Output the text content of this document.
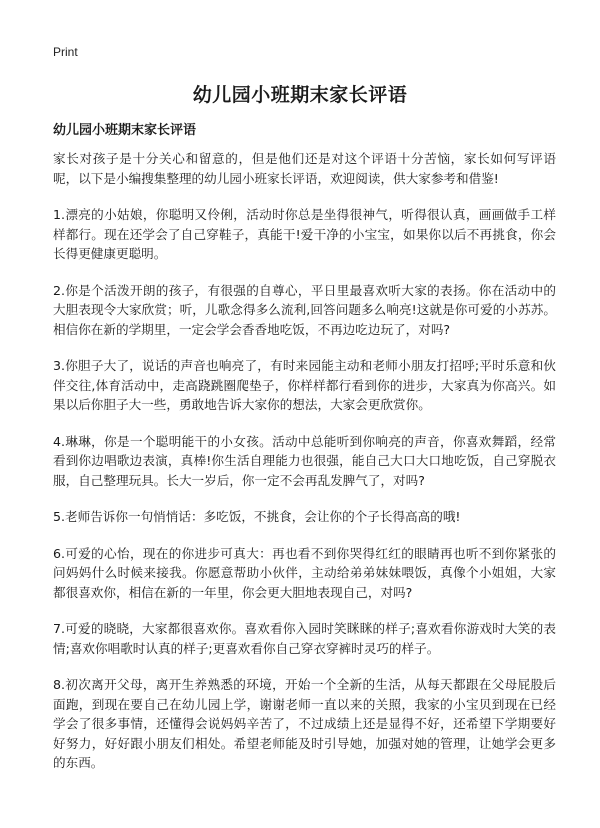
Print
幼儿园小班期末家长评语
幼儿园小班期末家长评语

家长对孩子是十分关心和留意的，但是他们还是对这个评语十分苦恼，家长如何写评语呢，以下是小编搜集整理的幼儿园小班家长评语，欢迎阅读，供大家参考和借鉴!

1.漂亮的小姑娘，你聪明又伶俐，活动时你总是坐得很神气，听得很认真，画画做手工样样都行。现在还学会了自己穿鞋子，真能干!爱干净的小宝宝，如果你以后不再挑食，你会长得更健康更聪明。

2.你是个活泼开朗的孩子，有很强的自尊心，平日里最喜欢听大家的表扬。你在活动中的大胆表现令大家欣赏；听，儿歌念得多么流利,回答问题多么响亮!这就是你可爱的小苏苏。相信你在新的学期里，一定会学会香香地吃饭，不再边吃边玩了，对吗?

3.你胆子大了，说话的声音也响亮了，有时来园能主动和老师小朋友打招呼;平时乐意和伙伴交往,体育活动中，走高跷跳圈爬垫子，你样样都行看到你的进步，大家真为你高兴。如果以后你胆子大一些，勇敢地告诉大家你的想法，大家会更欣赏你。

4.琳琳，你是一个聪明能干的小女孩。活动中总能听到你响亮的声音，你喜欢舞蹈，经常看到你边唱歌边表演，真棒!你生活自理能力也很强，能自己大口大口地吃饭，自己穿脱衣服，自己整理玩具。长大一岁后，你一定不会再乱发脾气了，对吗?

5.老师告诉你一句悄悄话：多吃饭，不挑食，会让你的个子长得高高的哦!

6.可爱的心怡，现在的你进步可真大：再也看不到你哭得红红的眼睛再也听不到你紧张的问妈妈什么时候来接我。你愿意帮助小伙伴，主动给弟弟妹妹喂饭，真像个小姐姐，大家都很喜欢你，相信在新的一年里，你会更大胆地表现自己，对吗?

7.可爱的晓晓，大家都很喜欢你。喜欢看你入园时笑眯眯的样子;喜欢看你游戏时大笑的表情;喜欢你唱歌时认真的样子;更喜欢看你自己穿衣穿裤时灵巧的样子。

8.初次离开父母，离开生养熟悉的环境，开始一个全新的生活，从每天都跟在父母屁股后面跑，到现在要自己在幼儿园上学，谢谢老师一直以来的关照，我家的小宝贝到现在已经学会了很多事情，还懂得会说妈妈辛苦了，不过成绩上还是显得不好，还希望下学期要好好努力，好好跟小朋友们相处。希望老师能及时引导她，加强对她的管理，让她学会更多的东西。
